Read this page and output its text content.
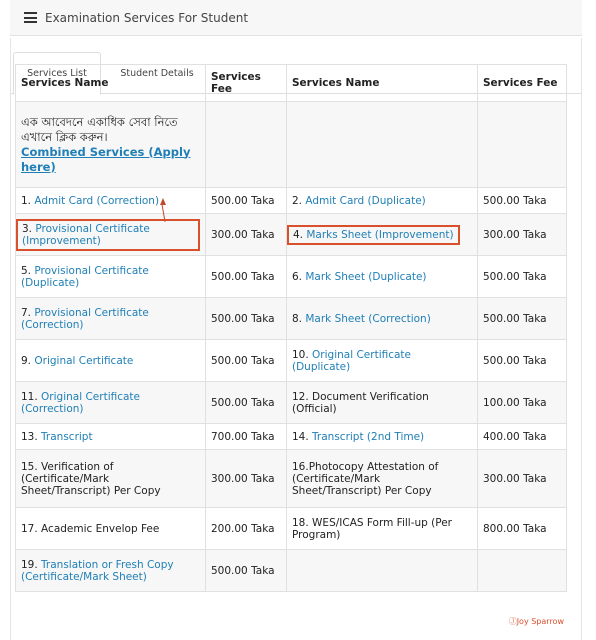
Examination Services For Student
Services List	Student Details
Services Name	Services Fee	Services Name	Services Fee
এক আবেদনে একাধিক সেবা নিতে এখানে ক্লিক করুন।
Combined Services (Apply here)			

1. Admit Card (Correction)	500.00 Taka	2. Admit Card (Duplicate)	500.00 Taka
3. Provisional Certificate (Improvement)	300.00 Taka	4. Marks Sheet (Improvement)	300.00 Taka
5. Provisional Certificate (Duplicate)	500.00 Taka	6. Mark Sheet (Duplicate)	500.00 Taka
7. Provisional Certificate (Correction)	500.00 Taka	8. Mark Sheet (Correction)	500.00 Taka
9. Original Certificate	500.00 Taka	10. Original Certificate (Duplicate)	500.00 Taka
11. Original Certificate (Correction)	500.00 Taka	12. Document Verification (Official)	100.00 Taka
13. Transcript	700.00 Taka	14. Transcript (2nd Time)	400.00 Taka
15. Verification of (Certificate/Mark Sheet/Transcript) Per Copy	300.00 Taka	16.Photocopy Attestation of (Certificate/Mark Sheet/Transcript) Per Copy	300.00 Taka
17. Academic Envelop Fee	200.00 Taka	18. WES/ICAS Form Fill-up (Per Program)	800.00 Taka
19. Translation or Fresh Copy (Certificate/Mark Sheet)	500.00 Taka		
ⒿJoy Sparrow
